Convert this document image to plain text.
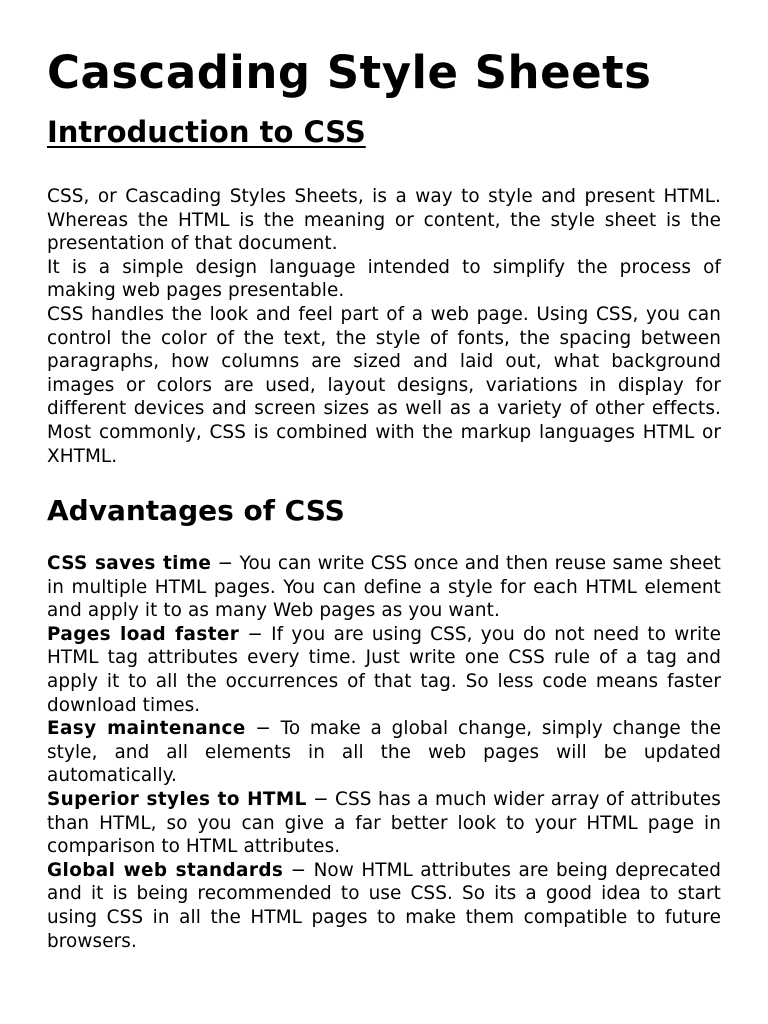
Cascading Style Sheets
Introduction to CSS

CSS, or Cascading Styles Sheets, is a way to style and present HTML. Whereas the HTML is the meaning or content, the style sheet is the presentation of that document.

It is a simple design language intended to simplify the process of making web pages presentable.

CSS handles the look and feel part of a web page. Using CSS, you can control the color of the text, the style of fonts, the spacing between paragraphs, how columns are sized and laid out, what background images or colors are used, layout designs, variations in display for different devices and screen sizes as well as a variety of other effects. Most commonly, CSS is combined with the markup languages HTML or XHTML.

Advantages of CSS

CSS saves time − You can write CSS once and then reuse same sheet in multiple HTML pages. You can define a style for each HTML element and apply it to as many Web pages as you want.

Pages load faster − If you are using CSS, you do not need to write HTML tag attributes every time. Just write one CSS rule of a tag and apply it to all the occurrences of that tag. So less code means faster download times.

Easy maintenance − To make a global change, simply change the style, and all elements in all the web pages will be updated automatically.

Superior styles to HTML − CSS has a much wider array of attributes than HTML, so you can give a far better look to your HTML page in comparison to HTML attributes.

Global web standards − Now HTML attributes are being deprecated and it is being recommended to use CSS. So its a good idea to start using CSS in all the HTML pages to make them compatible to future browsers.
